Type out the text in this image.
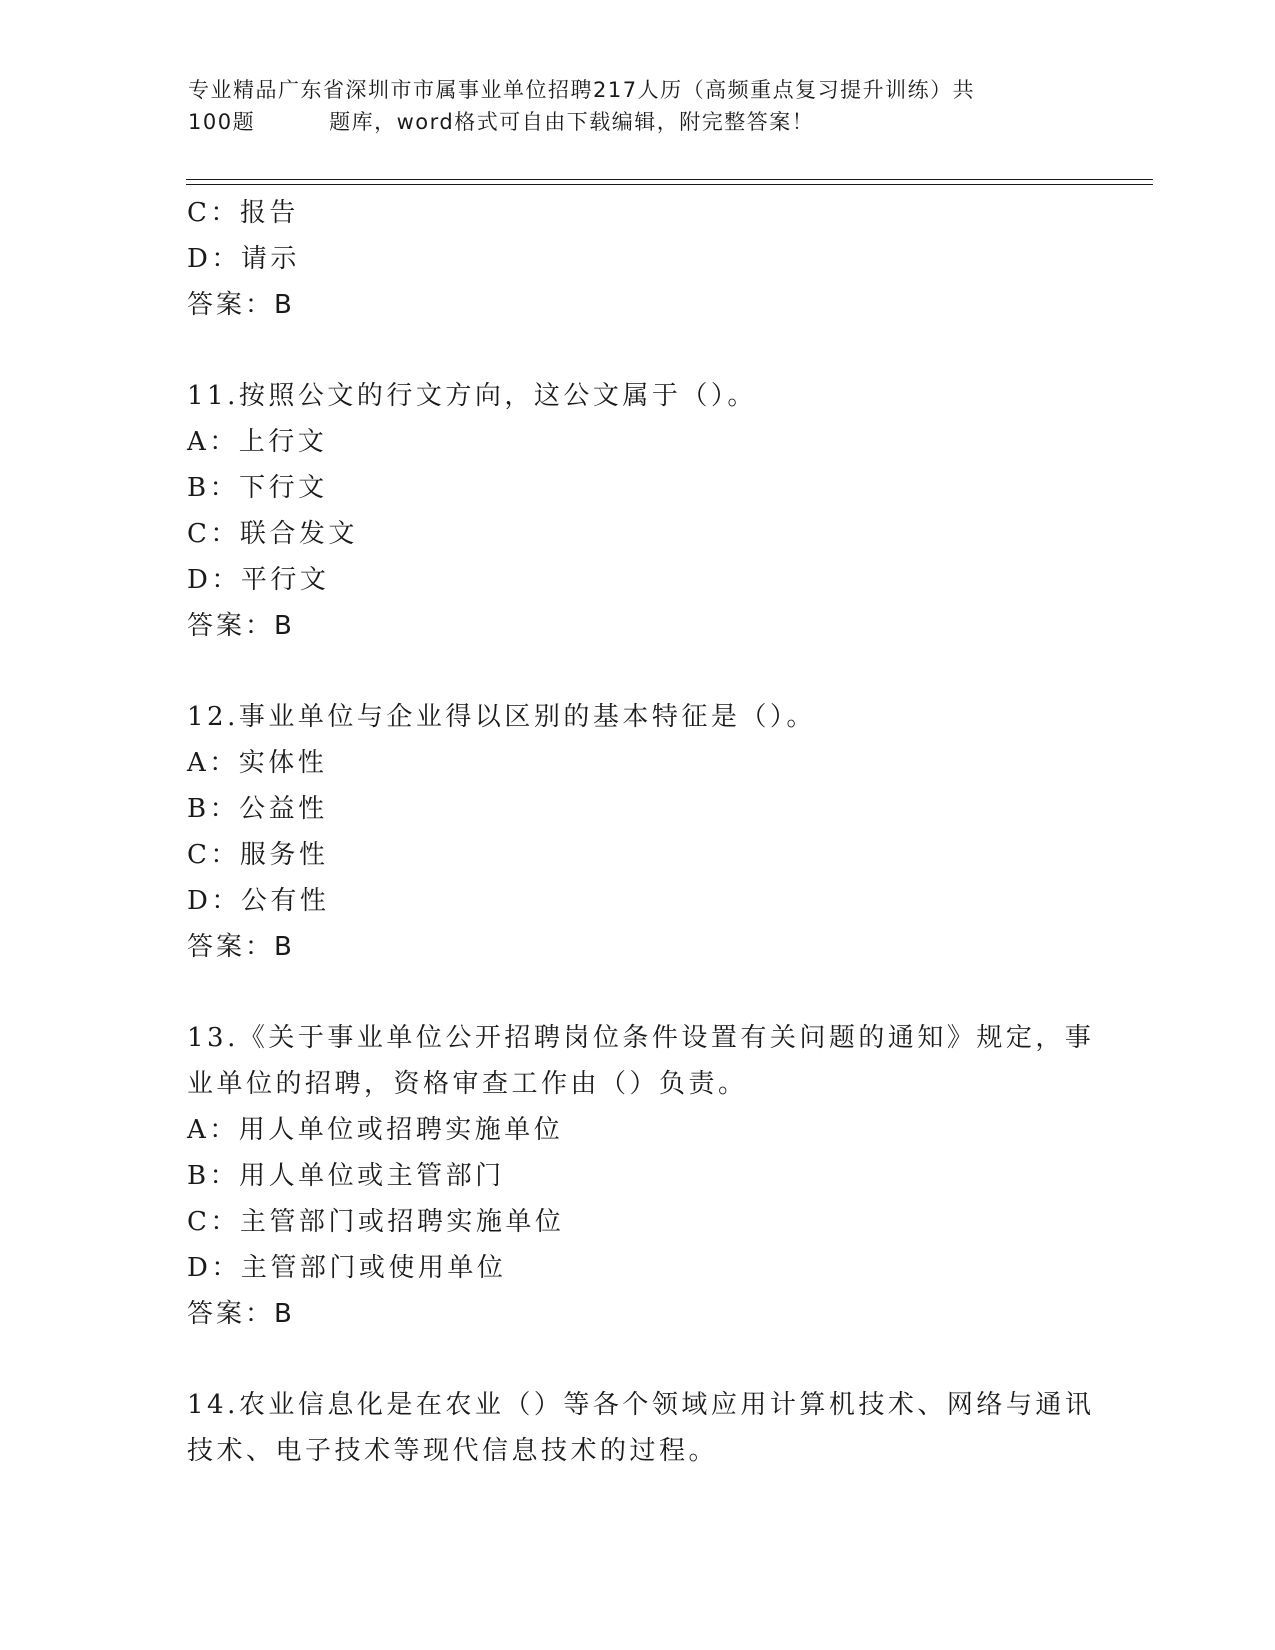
专业精品广东省深圳市市属事业单位招聘217人历（高频重点复习提升训练）共
100题	题库，word格式可自由下载编辑，附完整答案！
C：报告
D：请示
答案：B
11.按照公文的行文方向，这公文属于（）。
A：上行文
B：下行文
C：联合发文
D：平行文
答案：B
12.事业单位与企业得以区别的基本特征是（）。
A：实体性
B：公益性
C：服务性
D：公有性
答案：B
13.《关于事业单位公开招聘岗位条件设置有关问题的通知》规定，事
业单位的招聘，资格审查工作由（）负责。
A：用人单位或招聘实施单位
B：用人单位或主管部门
C：主管部门或招聘实施单位
D：主管部门或使用单位
答案：B
14.农业信息化是在农业（）等各个领域应用计算机技术、网络与通讯
技术、电子技术等现代信息技术的过程。
